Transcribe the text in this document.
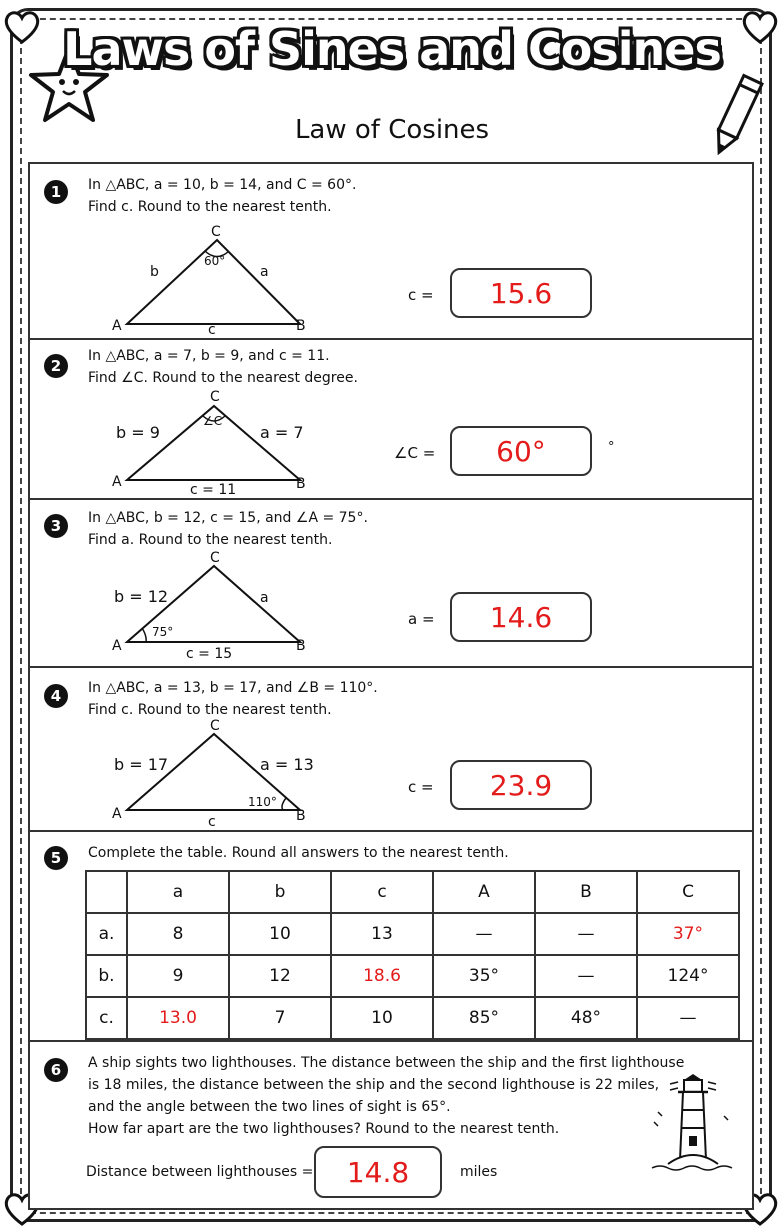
Laws of Sines and Cosines
Law of Cosines
1	In △ABC, a = 10, b = 14, and C = 60°.
Find c. Round to the nearest tenth.
C
A	B
60°
b	a
c
c =	15.6
2
In △ABC, a = 7, b = 9, and c = 11.
Find ∠C. Round to the nearest degree.
C
A	B
∠C
b = 9	a = 7
c = 11
∠C =	60°	°
3	In △ABC, b = 12, c = 15, and ∠A = 75°.
Find a. Round to the nearest tenth.
C
A	B
75°
b = 12	a
c = 15
a =	14.6
4	In △ABC, a = 13, b = 17, and ∠B = 110°.
Find c. Round to the nearest tenth.
C
A	B
110°
b = 17	a = 13
c
c =	23.9
5	Complete the table. Round all answers to the nearest tenth.
	a	b	c	A	B	C
a.	8	10	13	—	—	37°
b.	9	12	18.6	35°	—	124°
c.	13.0	7	10	85°	48°	—
6	A ship sights two lighthouses. The distance between the ship and the first lighthouse
is 18 miles, the distance between the ship and the second lighthouse is 22 miles,
and the angle between the two lines of sight is 65°.
How far apart are the two lighthouses? Round to the nearest tenth.
Distance between lighthouses =	14.8	miles
